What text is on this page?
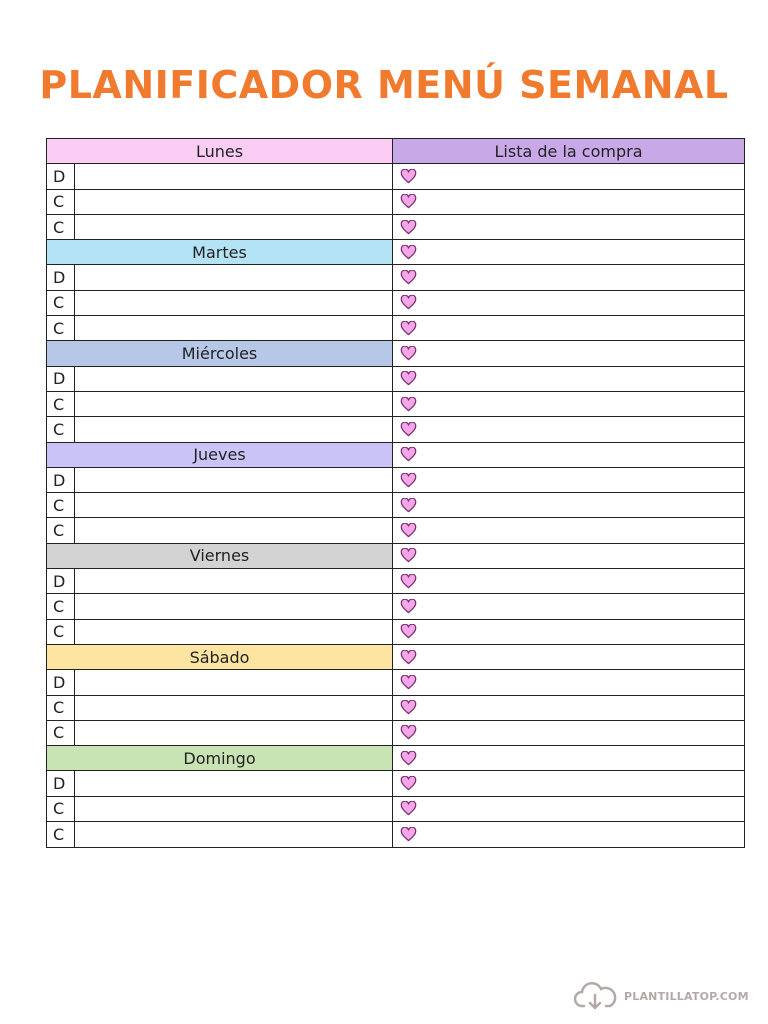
PLANIFICADOR MENÚ SEMANAL
Lunes
D
C
C
Martes
D
C
C
Miércoles
D
C
C
Jueves
D
C
C
Viernes
D
C
C
Sábado
D
C
C
Domingo
D
C
C
Lista de la compra
PLANTILLATOP.COM
